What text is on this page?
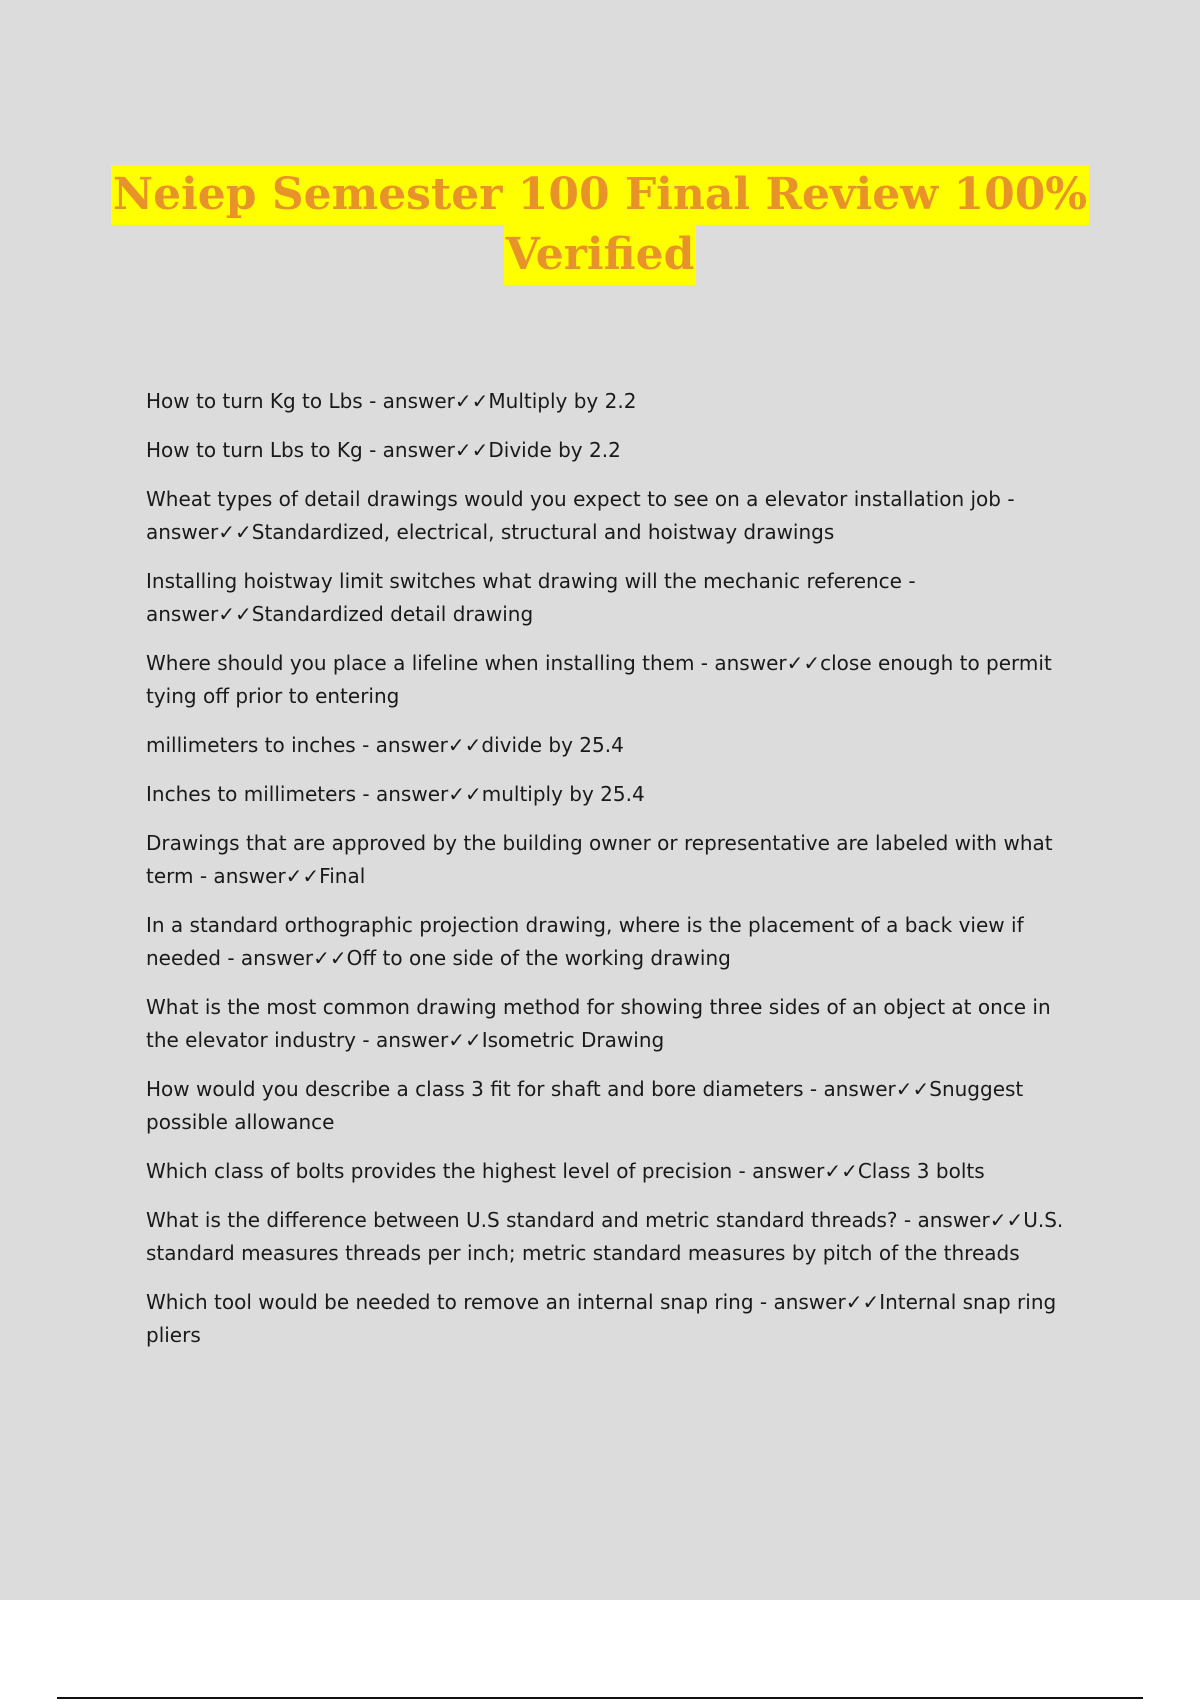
Neiep Semester 100 Final Review 100%
Verified
How to turn Kg to Lbs - answer✓✓Multiply by 2.2
How to turn Lbs to Kg - answer✓✓Divide by 2.2
Wheat types of detail drawings would you expect to see on a elevator installation job - answer✓✓Standardized, electrical, structural and hoistway drawings
Installing hoistway limit switches what drawing will the mechanic reference - answer✓✓Standardized detail drawing
Where should you place a lifeline when installing them - answer✓✓close enough to permit tying off prior to entering
millimeters to inches - answer✓✓divide by 25.4
Inches to millimeters - answer✓✓multiply by 25.4
Drawings that are approved by the building owner or representative are labeled with what term - answer✓✓Final
In a standard orthographic projection drawing, where is the placement of a back view if needed - answer✓✓Off to one side of the working drawing
What is the most common drawing method for showing three sides of an object at once in the elevator industry - answer✓✓Isometric Drawing
How would you describe a class 3 fit for shaft and bore diameters - answer✓✓Snuggest possible allowance
Which class of bolts provides the highest level of precision - answer✓✓Class 3 bolts
What is the difference between U.S standard and metric standard threads? - answer✓✓U.S. standard measures threads per inch; metric standard measures by pitch of the threads
Which tool would be needed to remove an internal snap ring - answer✓✓Internal snap ring pliers
